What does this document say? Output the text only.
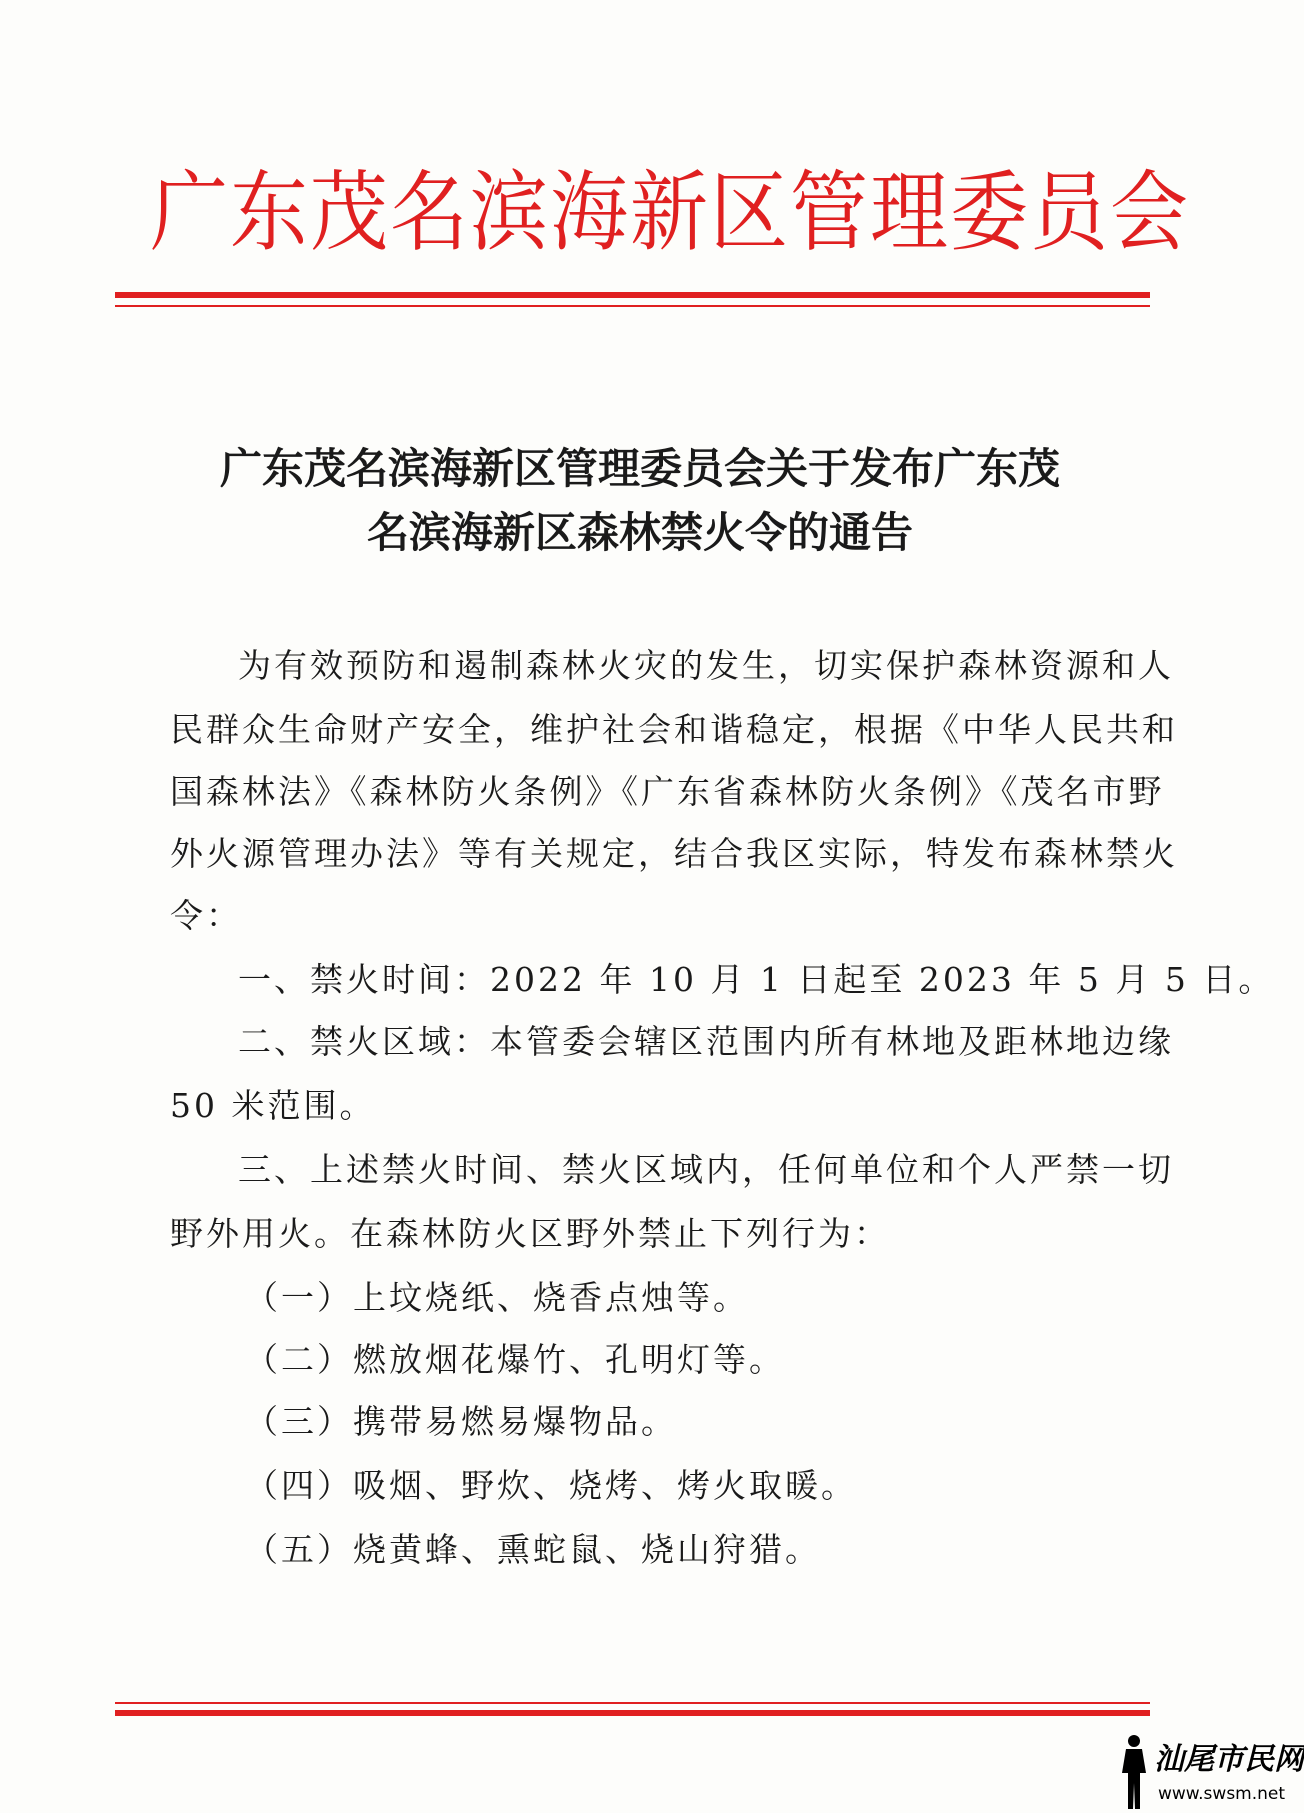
广东茂名滨海新区管理委员会
广东茂名滨海新区管理委员会关于发布广东茂
名滨海新区森林禁火令的通告
为有效预防和遏制森林火灾的发生，切实保护森林资源和人
民群众生命财产安全，维护社会和谐稳定，根据《中华人民共和
国森林法》《森林防火条例》《广东省森林防火条例》《茂名市野
外火源管理办法》等有关规定，结合我区实际，特发布森林禁火
令：
一、禁火时间：2022 年 10 月 1 日起至 2023 年 5 月 5 日。
二、禁火区域：本管委会辖区范围内所有林地及距林地边缘
50 米范围。
三、上述禁火时间、禁火区域内，任何单位和个人严禁一切
野外用火。在森林防火区野外禁止下列行为：
（一）上坟烧纸、烧香点烛等。
（二）燃放烟花爆竹、孔明灯等。
（三）携带易燃易爆物品。
（四）吸烟、野炊、烧烤、烤火取暖。
（五）烧黄蜂、熏蛇鼠、烧山狩猎。
汕尾市民网
www.swsm.net
